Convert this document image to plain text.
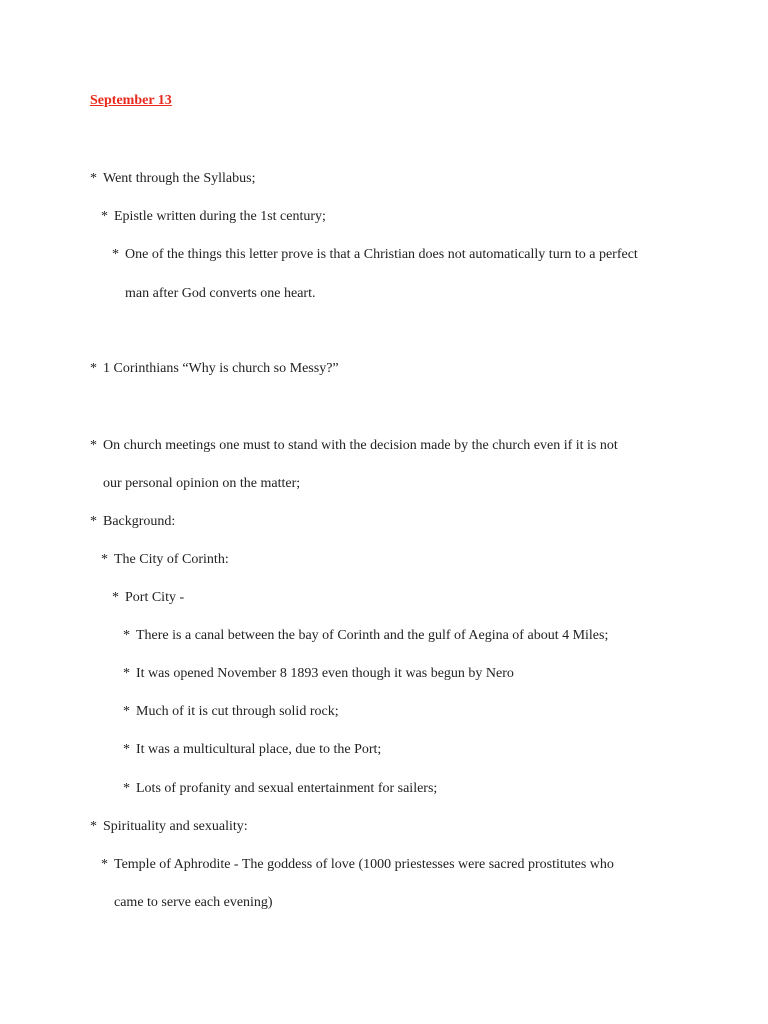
September 13
* Went through the Syllabus;
* Epistle written during the 1st century;
* One of the things this letter prove is that a Christian does not automatically turn to a perfect
man after God converts one heart.
* 1 Corinthians “Why is church so Messy?”
* On church meetings one must to stand with the decision made by the church even if it is not
our personal opinion on the matter;
* Background:
* The City of Corinth:
* Port City -
* There is a canal between the bay of Corinth and the gulf of Aegina of about 4 Miles;
* It was opened November 8 1893 even though it was begun by Nero
* Much of it is cut through solid rock;
* It was a multicultural place, due to the Port;
* Lots of profanity and sexual entertainment for sailers;
* Spirituality and sexuality:
* Temple of Aphrodite - The goddess of love (1000 priestesses were sacred prostitutes who
came to serve each evening)
